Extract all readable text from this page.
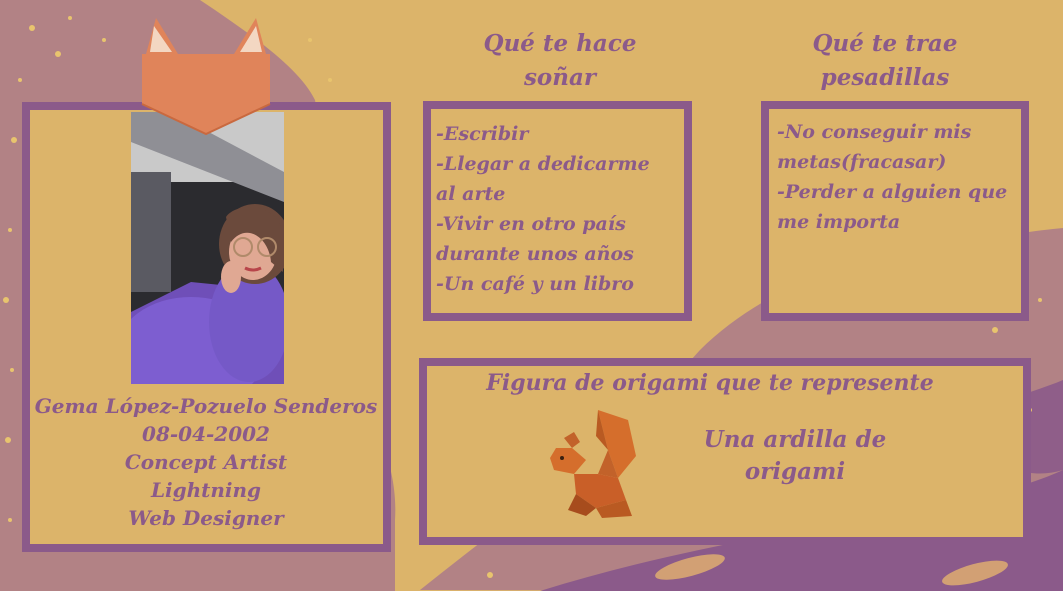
Gema López-Pozuelo Senderos
08-04-2002
Concept Artist
Lightning
Web Designer
Qué te hace
soñar
-Escribir
-Llegar a dedicarme al arte
-Vivir en otro país durante unos años
-Un café y un libro
Qué te trae
pesadillas
-No conseguir mis metas(fracasar)
-Perder a alguien que me importa
Figura de origami que te represente
Una ardilla de
origami
